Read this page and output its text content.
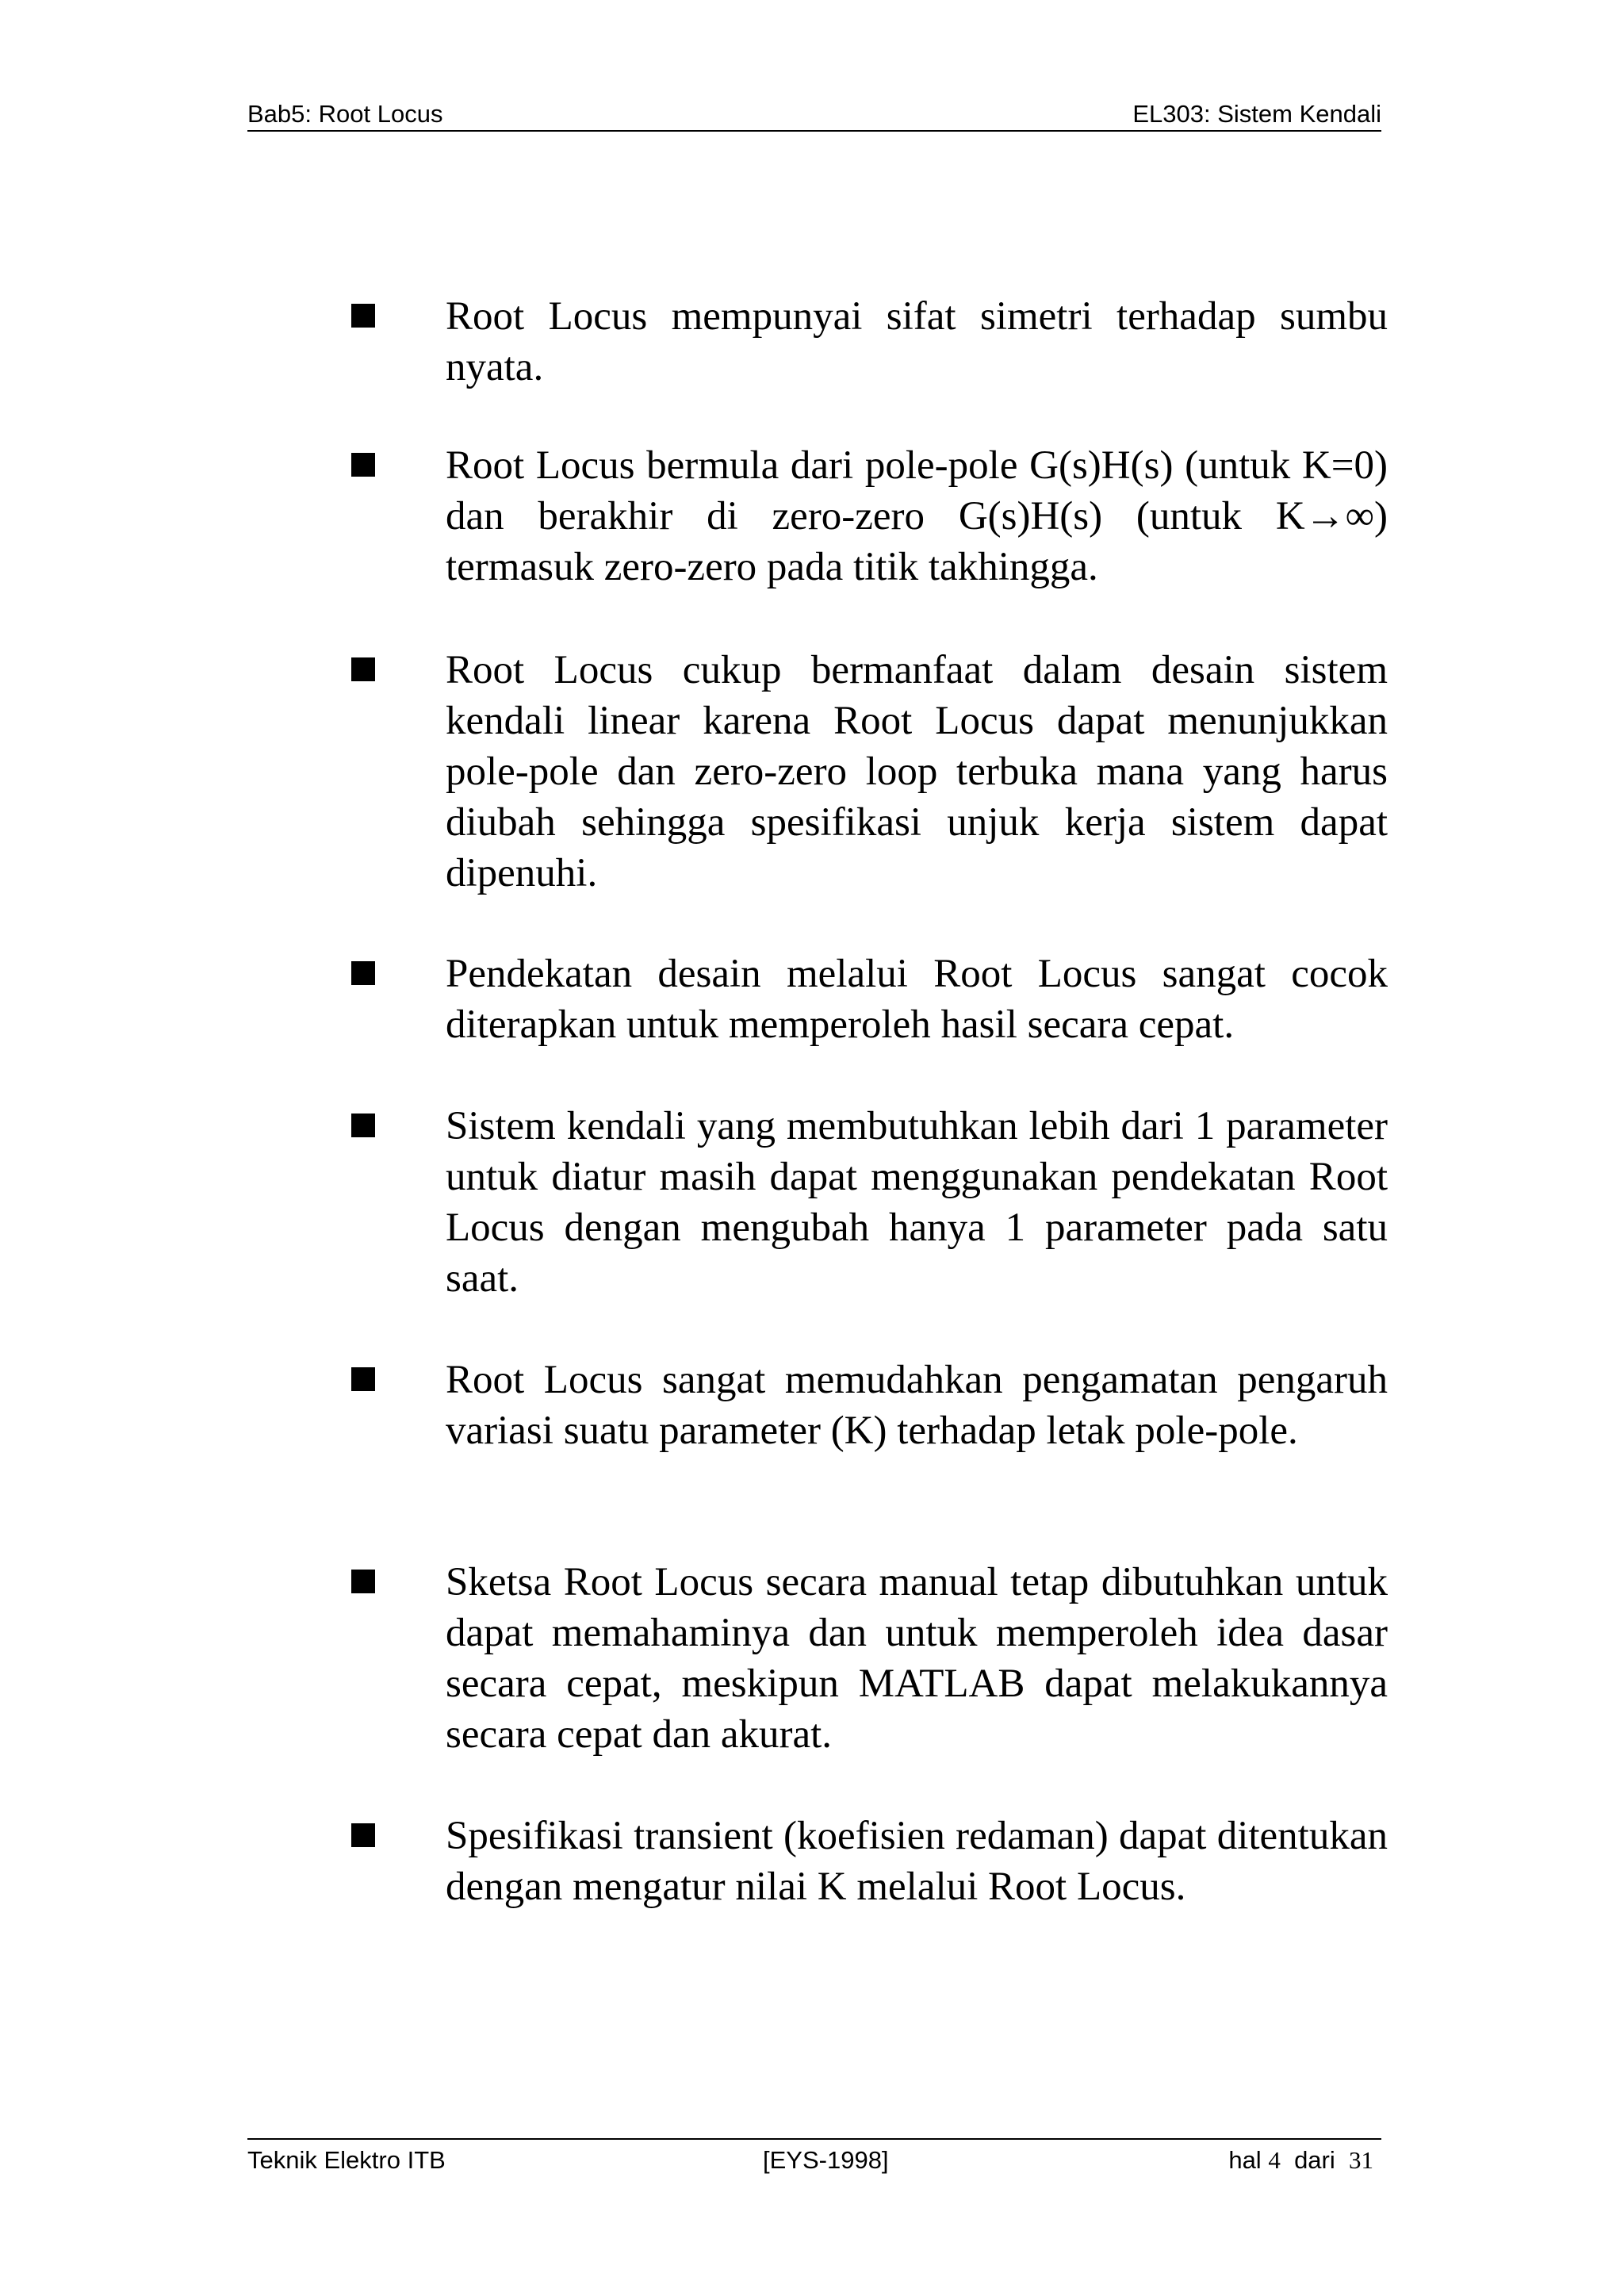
Bab5: Root Locus	EL303: Sistem Kendali
Root Locus mempunyai sifat simetri terhadap sumbu nyata.
Root Locus bermula dari pole-pole G(s)H(s) (untuk K=0) dan berakhir di zero-zero G(s)H(s) (untuk K→∞) termasuk zero-zero pada titik takhingga.
Root Locus cukup bermanfaat dalam desain sistem kendali linear karena Root Locus dapat menunjukkan pole-pole dan zero-zero loop terbuka mana yang harus diubah sehingga spesifikasi unjuk kerja sistem dapat dipenuhi.
Pendekatan desain melalui Root Locus sangat cocok diterapkan untuk memperoleh hasil secara cepat.
Sistem kendali yang membutuhkan lebih dari 1 parameter untuk diatur masih dapat menggunakan pendekatan Root Locus dengan mengubah hanya 1 parameter pada satu saat.
Root Locus sangat memudahkan pengamatan pengaruh variasi suatu parameter (K) terhadap letak pole-pole.
Sketsa Root Locus secara manual tetap dibutuhkan untuk dapat memahaminya dan untuk memperoleh idea dasar secara cepat, meskipun MATLAB dapat melakukannya secara cepat dan akurat.
Spesifikasi transient (koefisien redaman) dapat ditentukan dengan mengatur nilai K melalui Root Locus.
Teknik Elektro ITB	[EYS-1998]	hal 4 dari 31
